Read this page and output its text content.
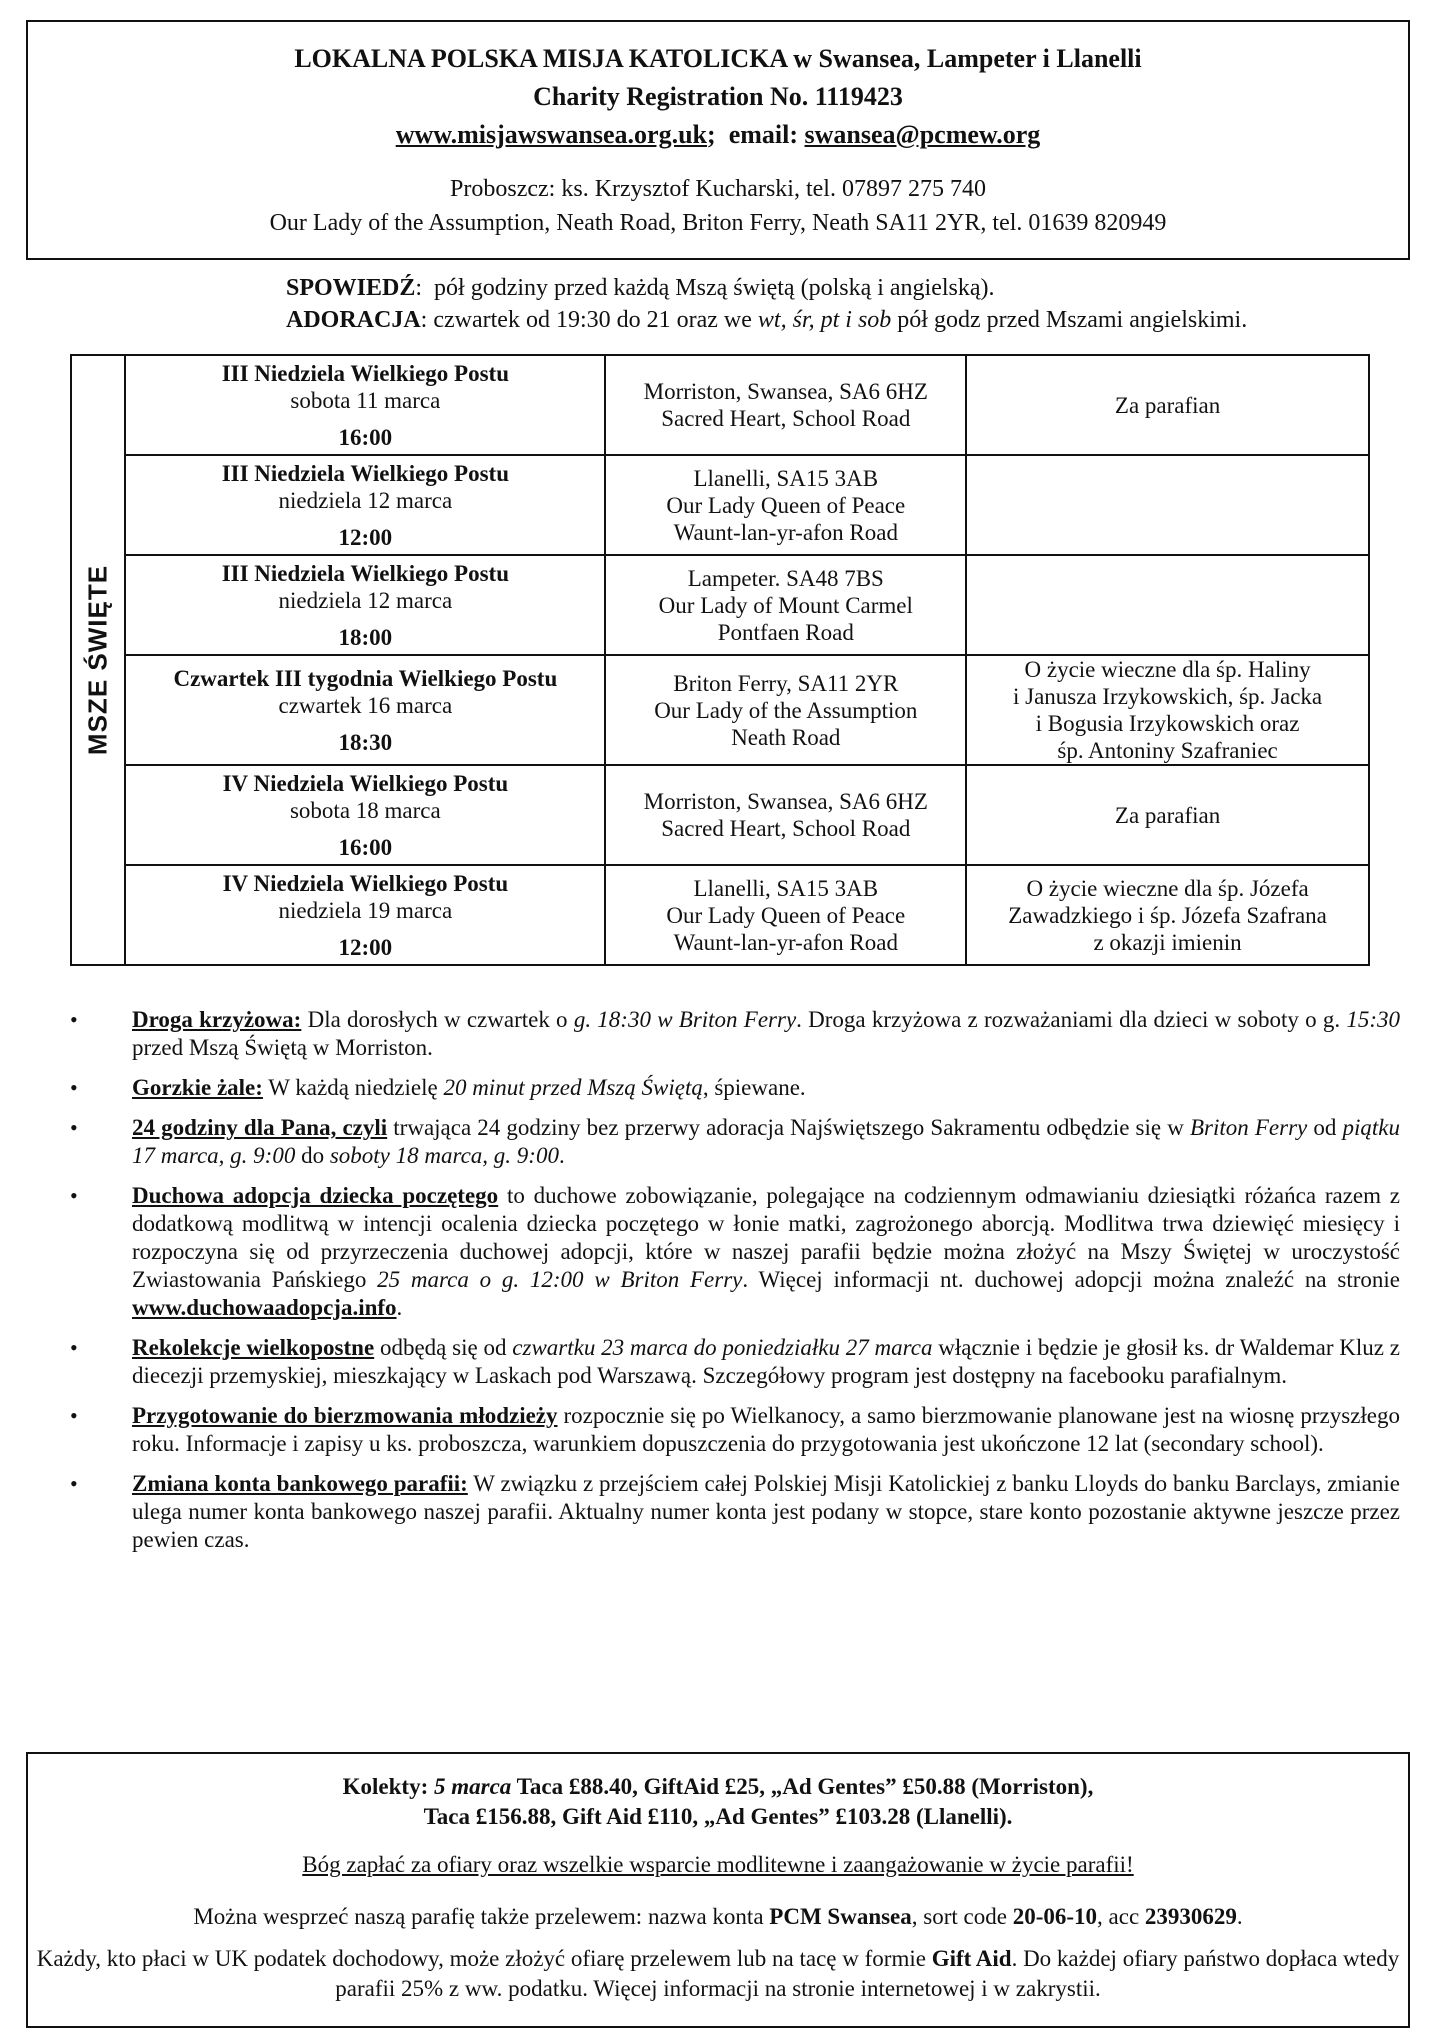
LOKALNA POLSKA MISJA KATOLICKA w Swansea, Lampeter i Llanelli
Charity Registration No. 1119423
www.misjawswansea.org.uk;  email: swansea@pcmew.org
Proboszcz: ks. Krzysztof Kucharski, tel. 07897 275 740
Our Lady of the Assumption, Neath Road, Briton Ferry, Neath SA11 2YR, tel. 01639 820949
SPOWIEDŹ:  pół godziny przed każdą Mszą świętą (polską i angielską).
ADORACJA: czwartek od 19:30 do 21 oraz we wt, śr, pt i sob pół godz przed Mszami angielskimi.
MSZE ŚWIĘTE	III Niedziela Wielkiego Postu
sobota 11 marca
16:00	Morriston, Swansea, SA6 6HZ
Sacred Heart, School Road	Za parafian

	III Niedziela Wielkiego Postu
niedziela 12 marca
12:00	Llanelli, SA15 3AB
Our Lady Queen of Peace
Waunt-lan-yr-afon Road	

	III Niedziela Wielkiego Postu
niedziela 12 marca
18:00	Lampeter. SA48 7BS
Our Lady of Mount Carmel
Pontfaen Road	

	Czwartek III tygodnia Wielkiego Postu
czwartek 16 marca
18:30	Briton Ferry, SA11 2YR
Our Lady of the Assumption
Neath Road	O życie wieczne dla śp. Haliny
i Janusza Irzykowskich, śp. Jacka
i Bogusia Irzykowskich oraz
śp. Antoniny Szafraniec

	IV Niedziela Wielkiego Postu
sobota 18 marca
16:00	Morriston, Swansea, SA6 6HZ
Sacred Heart, School Road	Za parafian

	IV Niedziela Wielkiego Postu
niedziela 19 marca
12:00	Llanelli, SA15 3AB
Our Lady Queen of Peace
Waunt-lan-yr-afon Road	O życie wieczne dla śp. Józefa
Zawadzkiego i śp. Józefa Szafrana
z okazji imienin
• Droga krzyżowa: Dla dorosłych w czwartek o g. 18:30 w Briton Ferry. Droga krzyżowa z rozważaniami dla dzieci w soboty o g. 15:30 przed Mszą Świętą w Morriston.
• Gorzkie żale: W każdą niedzielę 20 minut przed Mszą Świętą, śpiewane.
• 24 godziny dla Pana, czyli trwająca 24 godziny bez przerwy adoracja Najświętszego Sakramentu odbędzie się w Briton Ferry od piątku 17 marca, g. 9:00 do soboty 18 marca, g. 9:00.
• Duchowa adopcja dziecka poczętego to duchowe zobowiązanie, polegające na codziennym odmawianiu dziesiątki różańca razem z dodatkową modlitwą w intencji ocalenia dziecka poczętego w łonie matki, zagrożonego aborcją. Modlitwa trwa dziewięć miesięcy i rozpoczyna się od przyrzeczenia duchowej adopcji, które w naszej parafii będzie można złożyć na Mszy Świętej w uroczystość Zwiastowania Pańskiego 25 marca o g. 12:00 w Briton Ferry. Więcej informacji nt. duchowej adopcji można znaleźć na stronie www.duchowaadopcja.info.
• Rekolekcje wielkopostne odbędą się od czwartku 23 marca do poniedziałku 27 marca włącznie i będzie je głosił ks. dr Waldemar Kluz z diecezji przemyskiej, mieszkający w Laskach pod Warszawą. Szczegółowy program jest dostępny na facebooku parafialnym.
• Przygotowanie do bierzmowania młodzieży rozpocznie się po Wielkanocy, a samo bierzmowanie planowane jest na wiosnę przyszłego roku. Informacje i zapisy u ks. proboszcza, warunkiem dopuszczenia do przygotowania jest ukończone 12 lat (secondary school).
• Zmiana konta bankowego parafii: W związku z przejściem całej Polskiej Misji Katolickiej z banku Lloyds do banku Barclays, zmianie ulega numer konta bankowego naszej parafii. Aktualny numer konta jest podany w stopce, stare konto pozostanie aktywne jeszcze przez pewien czas.
Kolekty: 5 marca Taca £88.40, GiftAid £25, „Ad Gentes” £50.88 (Morriston),
Taca £156.88, Gift Aid £110, „Ad Gentes” £103.28 (Llanelli).
Bóg zapłać za ofiary oraz wszelkie wsparcie modlitewne i zaangażowanie w życie parafii!
Można wesprzeć naszą parafię także przelewem: nazwa konta PCM Swansea, sort code 20-06-10, acc 23930629.
Każdy, kto płaci w UK podatek dochodowy, może złożyć ofiarę przelewem lub na tacę w formie Gift Aid. Do każdej ofiary państwo dopłaca wtedy parafii 25% z ww. podatku. Więcej informacji na stronie internetowej i w zakrystii.
